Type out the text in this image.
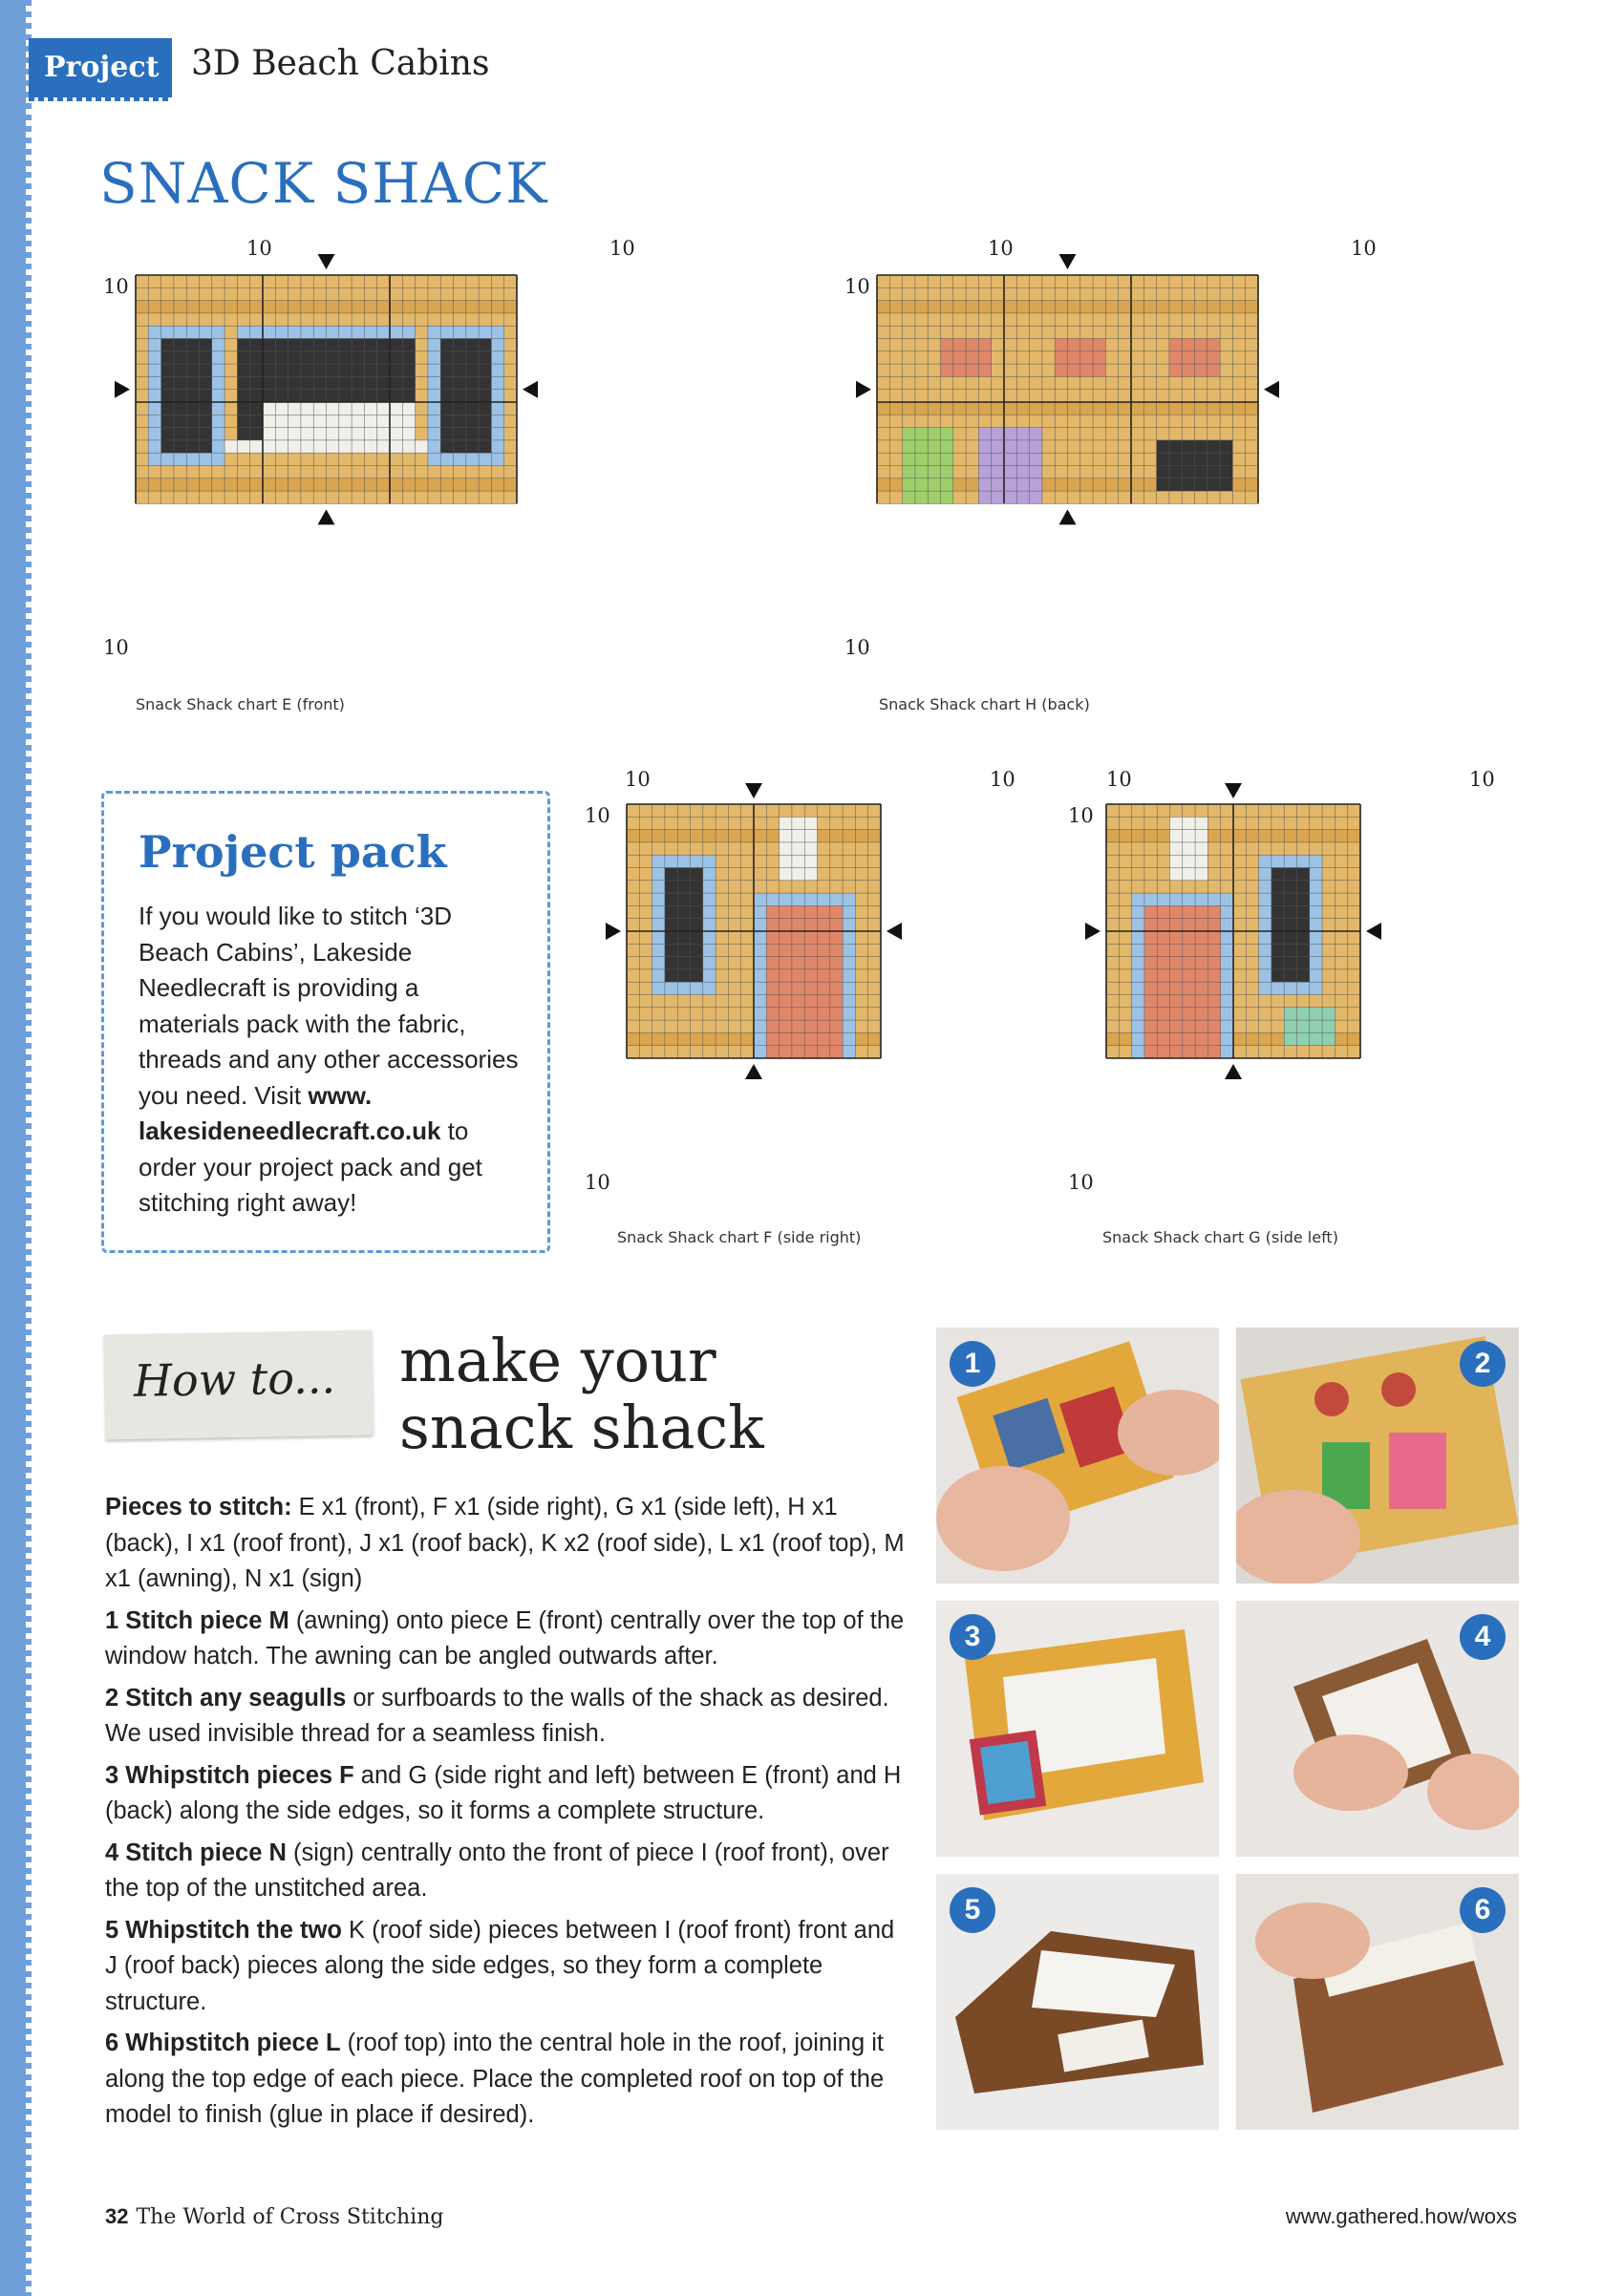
Project 3D Beach Cabins
SNACK SHACK
10	10
10
10
Snack Shack chart E (front)
10	10
10
10
Snack Shack chart H (back)
10	10
10
10
Snack Shack chart F (side right)
10	10
10
10
Snack Shack chart G (side left)
Project pack

If you would like to stitch ‘3D Beach Cabins’, Lakeside Needlecraft is providing a materials pack with the fabric, threads and any other accessories you need. Visit www. lakesideneedlecraft.co.uk to order your project pack and get stitching right away!

How to... make your snack shack

Pieces to stitch: E x1 (front), F x1 (side right), G x1 (side left), H x1 (back), I x1 (roof front), J x1 (roof back), K x2 (roof side), L x1 (roof top), M x1 (awning), N x1 (sign)

1 Stitch piece M (awning) onto piece E (front) centrally over the top of the window hatch. The awning can be angled outwards after.

2 Stitch any seagulls or surfboards to the walls of the shack as desired. We used invisible thread for a seamless finish.

3 Whipstitch pieces F and G (side right and left) between E (front) and H (back) along the side edges, so it forms a complete structure.

4 Stitch piece N (sign) centrally onto the front of piece I (roof front), over the top of the unstitched area.

5 Whipstitch the two K (roof side) pieces between I (roof front) front and J (roof back) pieces along the side edges, so they form a complete structure.

6 Whipstitch piece L (roof top) into the central hole in the roof, joining it along the top edge of each piece. Place the completed roof on top of the model to finish (glue in place if desired).

1	2
3	4
5	6
32 The World of Cross Stitching	www.gathered.how/woxs
